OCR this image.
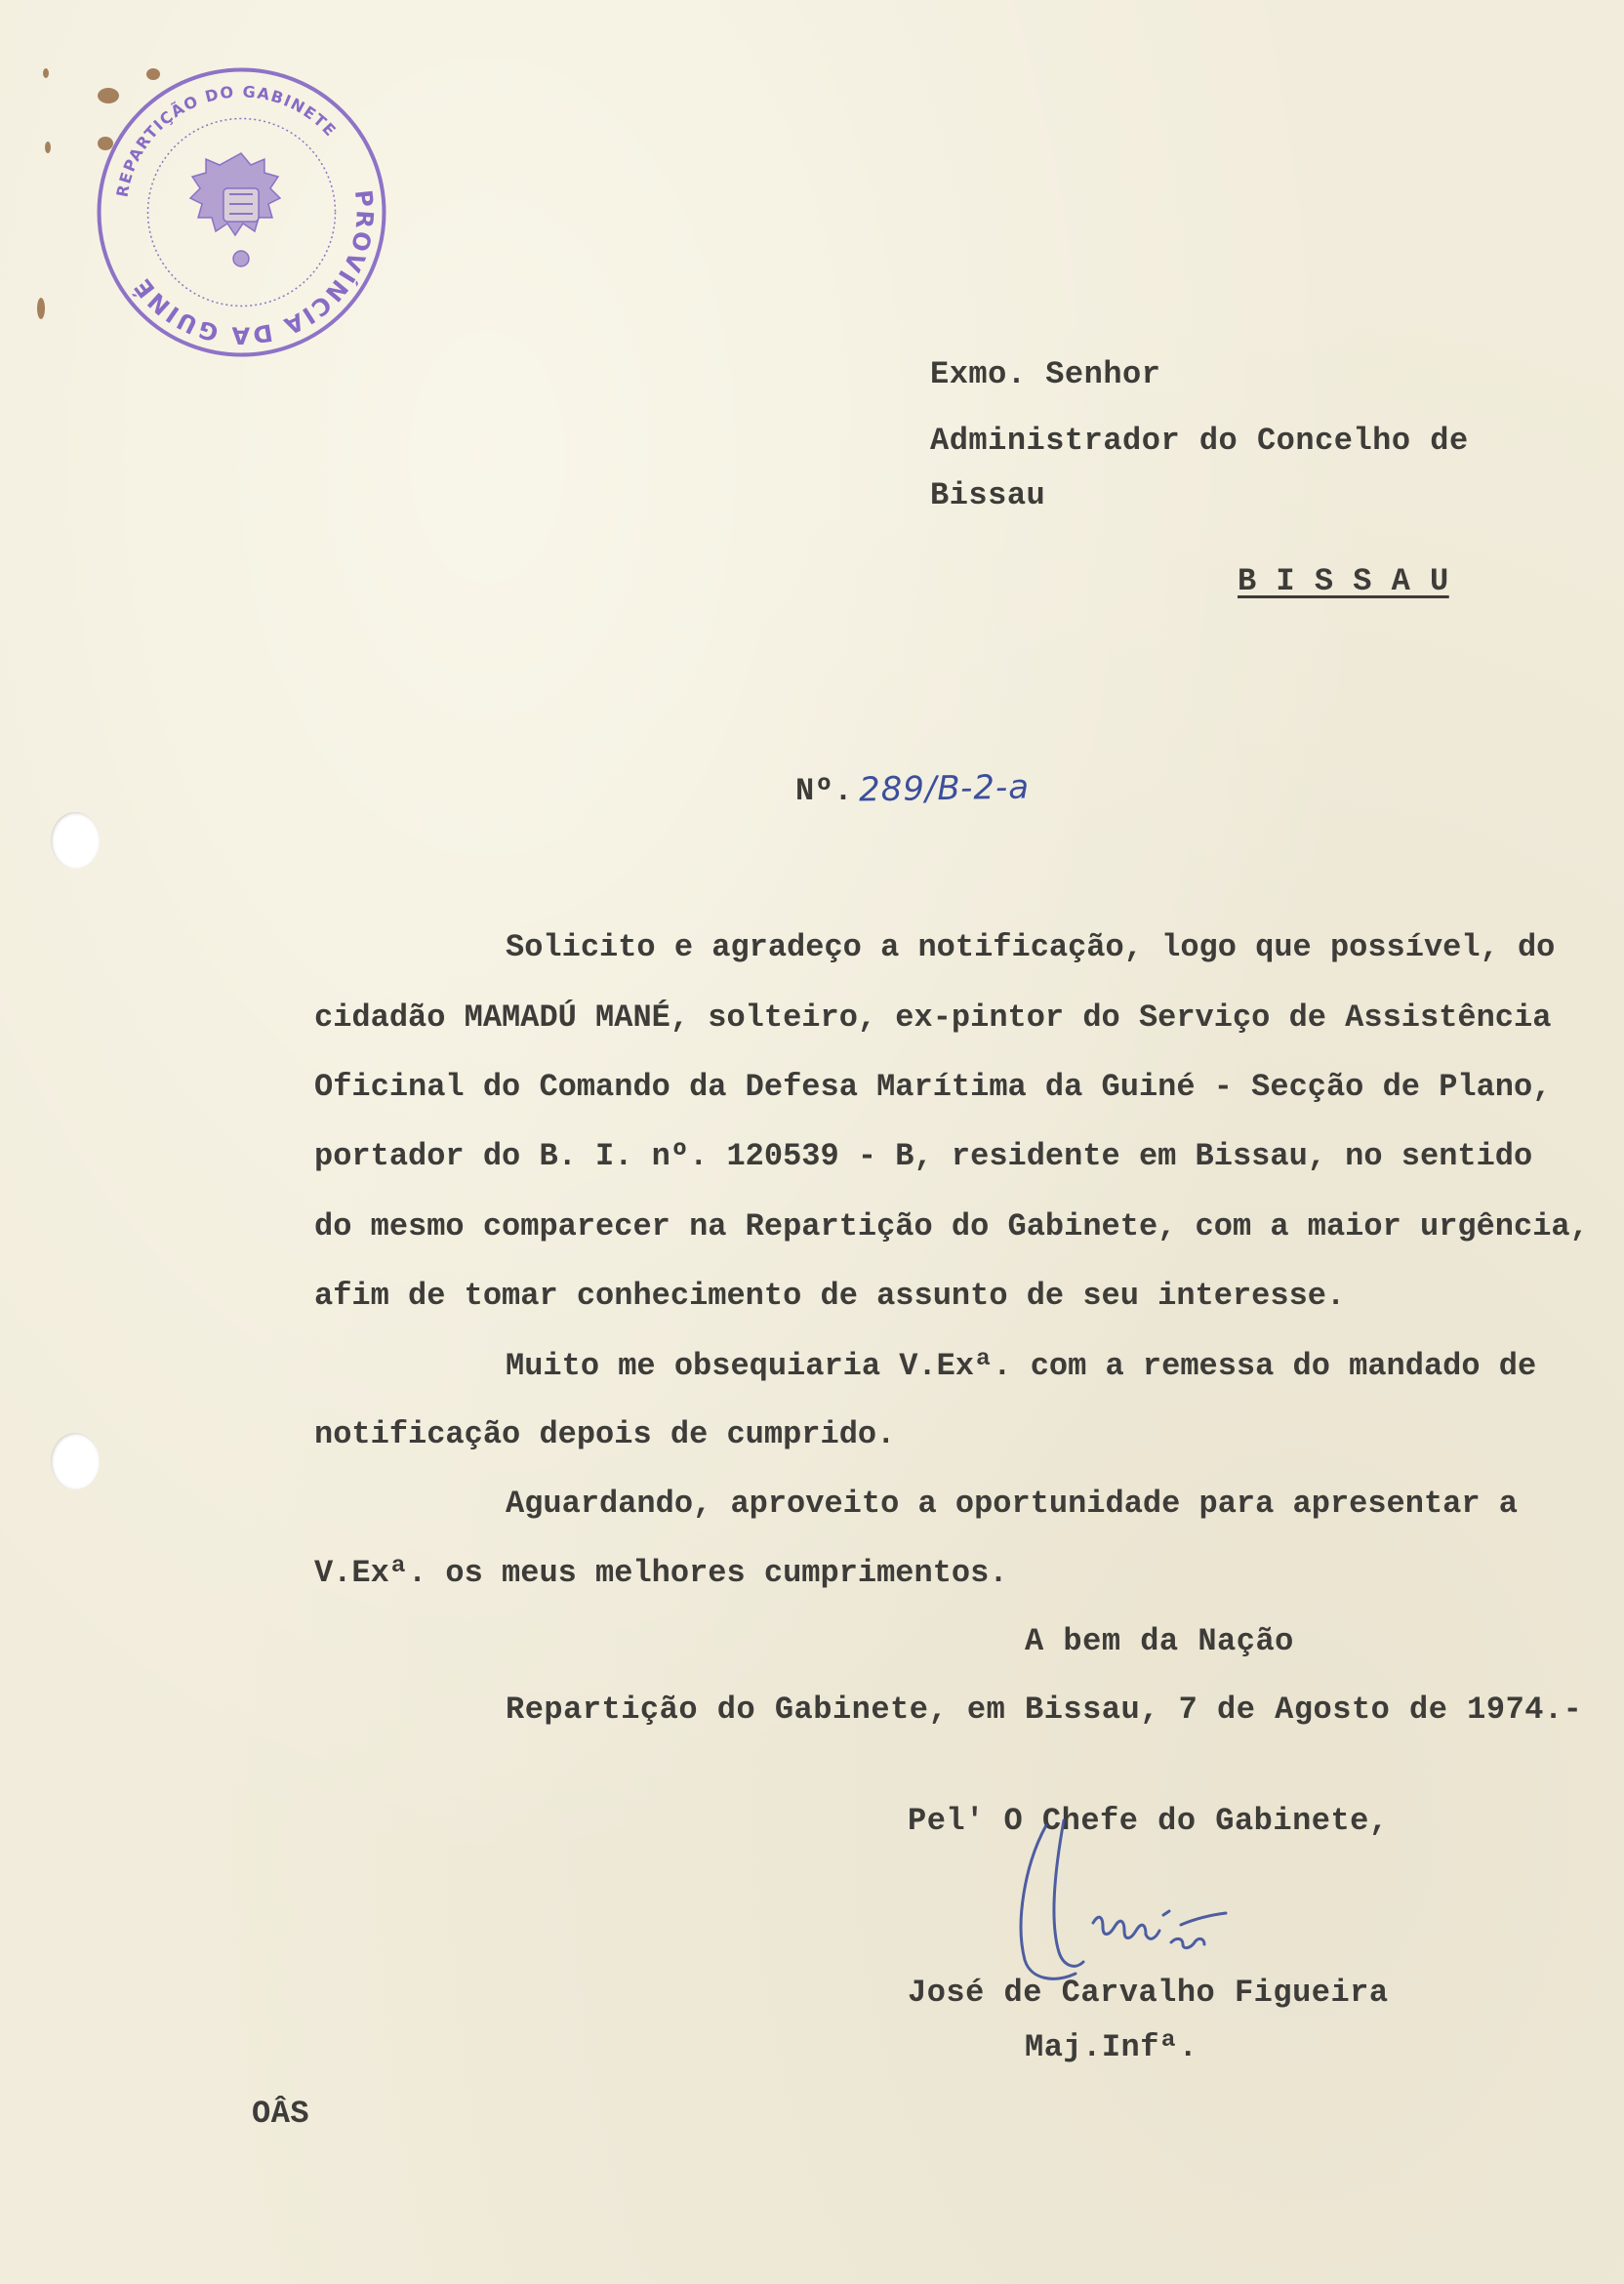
PROVÍNCIA DA GUINÉ
REPARTIÇÃO DO GABINETE
Exmo. Senhor
Administrador do Concelho de
Bissau
B I S S A U
Nº. 289/B-2-a
Solicito e agradeço a notificação, logo que possível, do
cidadão MAMADÚ MANÉ, solteiro, ex-pintor do Serviço de Assistência
Oficinal do Comando da Defesa Marítima da Guiné - Secção de Plano,
portador do B. I. nº. 120539 - B, residente em Bissau, no sentido
do mesmo comparecer na Repartição do Gabinete, com a maior urgência,
afim de tomar conhecimento de assunto de seu interesse.
Muito me obsequiaria V.Exª. com a remessa do mandado de
notificação depois de cumprido.
Aguardando, aproveito a oportunidade para apresentar a
V.Exª. os meus melhores cumprimentos.
A bem da Nação
Repartição do Gabinete, em Bissau, 7 de Agosto de 1974.-
Pel' O Chefe do Gabinete,
José de Carvalho Figueira
Maj.Infª.
OÂS
